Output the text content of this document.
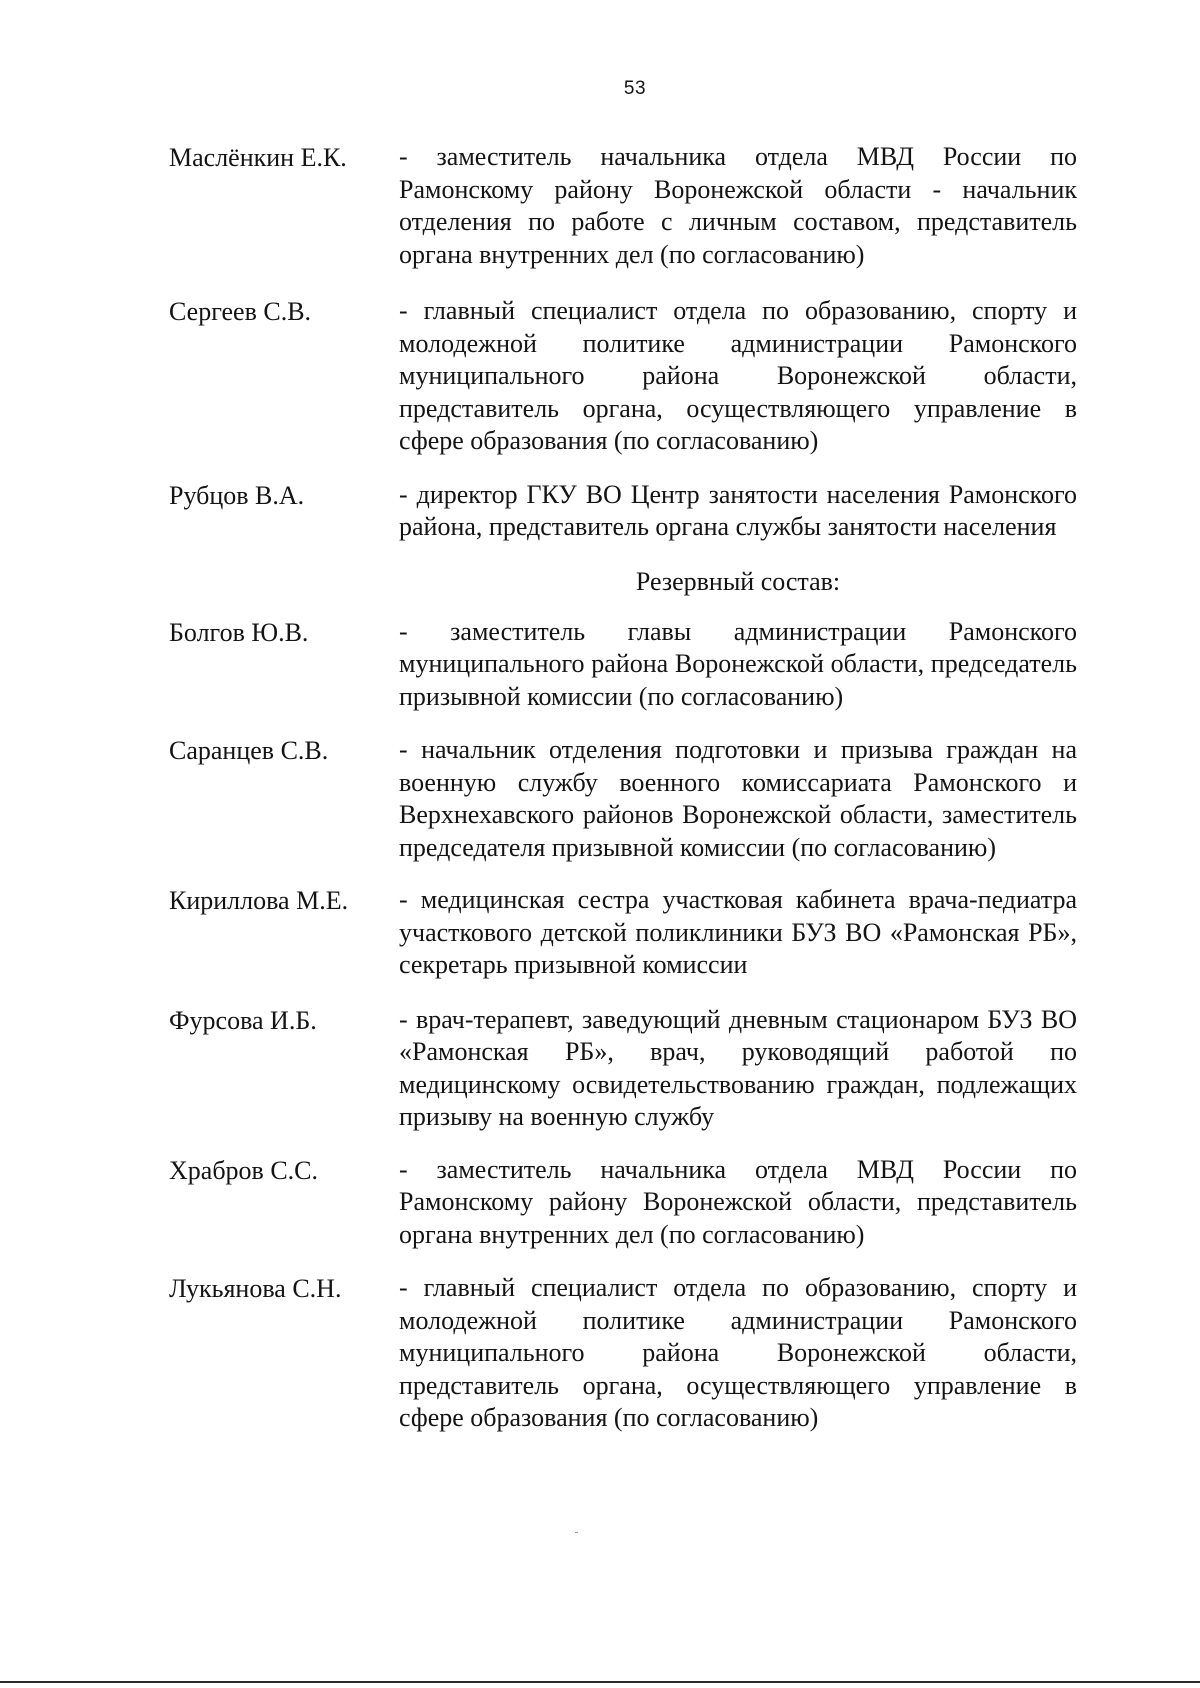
53
Маслёнкин Е.К.	- заместитель начальника отдела МВД России по Рамонскому району Воронежской области - начальник отделения по работе с личным составом, представитель органа внутренних дел (по согласованию)
Сергеев С.В.	- главный специалист отдела по образованию, спорту и молодежной политике администрации Рамонского муниципального района Воронежской области, представитель органа, осуществляющего управление в сфере образования (по согласованию)
Рубцов В.А.	- директор ГКУ ВО Центр занятости населения Рамонского района, представитель органа службы занятости населения
Резервный состав:
Болгов Ю.В.	- заместитель главы администрации Рамонского муниципального района Воронежской области, председатель призывной комиссии (по согласованию)
Саранцев С.В.	- начальник отделения подготовки и призыва граждан на военную службу военного комиссариата Рамонского и Верхнехавского районов Воронежской области, заместитель председателя призывной комиссии (по согласованию)
Кириллова М.Е.	- медицинская сестра участковая кабинета врача-педиатра участкового детской поликлиники БУЗ ВО «Рамонская РБ», секретарь призывной комиссии
Фурсова И.Б.	- врач-терапевт, заведующий дневным стационаром БУЗ ВО «Рамонская РБ», врач, руководящий работой по медицинскому освидетельствованию граждан, подлежащих призыву на военную службу
Храбров С.С.	- заместитель начальника отдела МВД России по Рамонскому району Воронежской области, представитель органа внутренних дел (по согласованию)
Лукьянова С.Н.	- главный специалист отдела по образованию, спорту и молодежной политике администрации Рамонского муниципального района Воронежской области, представитель органа, осуществляющего управление в сфере образования (по согласованию)
